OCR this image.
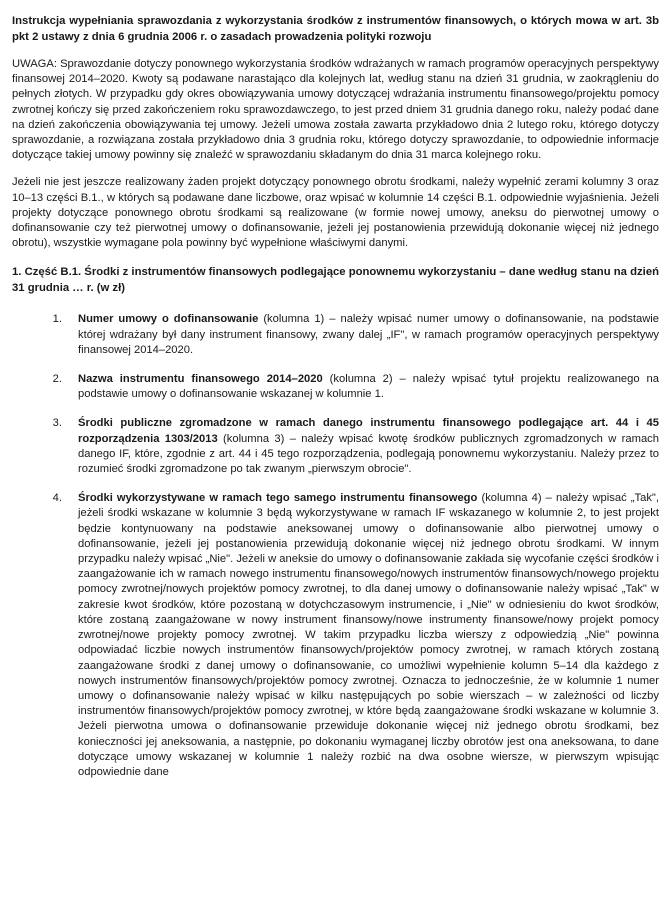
Instrukcja wypełniania sprawozdania z wykorzystania środków z instrumentów finansowych, o których mowa w art. 3b pkt 2 ustawy z dnia 6 grudnia 2006 r. o zasadach prowadzenia polityki rozwoju
UWAGA: Sprawozdanie dotyczy ponownego wykorzystania środków wdrażanych w ramach programów operacyjnych perspektywy finansowej 2014–2020. Kwoty są podawane narastająco dla kolejnych lat, według stanu na dzień 31 grudnia, w zaokrągleniu do pełnych złotych. W przypadku gdy okres obowiązywania umowy dotyczącej wdrażania instrumentu finansowego/projektu pomocy zwrotnej kończy się przed zakończeniem roku sprawozdawczego, to jest przed dniem 31 grudnia danego roku, należy podać dane na dzień zakończenia obowiązywania tej umowy. Jeżeli umowa została zawarta przykładowo dnia 2 lutego roku, którego dotyczy sprawozdanie, a rozwiązana została przykładowo dnia 3 grudnia roku, którego dotyczy sprawozdanie, to odpowiednie informacje dotyczące takiej umowy powinny się znaleźć w sprawozdaniu składanym do dnia 31 marca kolejnego roku.
Jeżeli nie jest jeszcze realizowany żaden projekt dotyczący ponownego obrotu środkami, należy wypełnić zerami kolumny 3 oraz 10–13 części B.1., w których są podawane dane liczbowe, oraz wpisać w kolumnie 14 części B.1. odpowiednie wyjaśnienia. Jeżeli projekty dotyczące ponownego obrotu środkami są realizowane (w formie nowej umowy, aneksu do pierwotnej umowy o dofinansowanie czy też pierwotnej umowy o dofinansowanie, jeżeli jej postanowienia przewidują dokonanie więcej niż jednego obrotu), wszystkie wymagane pola powinny być wypełnione właściwymi danymi.
1. Część B.1. Środki z instrumentów finansowych podlegające ponownemu wykorzystaniu – dane według stanu na dzień 31 grudnia … r. (w zł)
1.	Numer umowy o dofinansowanie (kolumna 1) – należy wpisać numer umowy o dofinansowanie, na podstawie której wdrażany był dany instrument finansowy, zwany dalej „IF", w ramach programów operacyjnych perspektywy finansowej 2014–2020.
2.	Nazwa instrumentu finansowego 2014–2020 (kolumna 2) – należy wpisać tytuł projektu realizowanego na podstawie umowy o dofinansowanie wskazanej w kolumnie 1.
3.	Środki publiczne zgromadzone w ramach danego instrumentu finansowego podlegające art. 44 i 45 rozporządzenia 1303/2013 (kolumna 3) – należy wpisać kwotę środków publicznych zgromadzonych w ramach danego IF, które, zgodnie z art. 44 i 45 tego rozporządzenia, podlegają ponownemu wykorzystaniu. Należy przez to rozumieć środki zgromadzone po tak zwanym „pierwszym obrocie".
4.	Środki wykorzystywane w ramach tego samego instrumentu finansowego (kolumna 4) – należy wpisać „Tak", jeżeli środki wskazane w kolumnie 3 będą wykorzystywane w ramach IF wskazanego w kolumnie 2, to jest projekt będzie kontynuowany na podstawie aneksowanej umowy o dofinansowanie albo pierwotnej umowy o dofinansowanie, jeżeli jej postanowienia przewidują dokonanie więcej niż jednego obrotu środkami. W innym przypadku należy wpisać „Nie". Jeżeli w aneksie do umowy o dofinansowanie zakłada się wycofanie części środków i zaangażowanie ich w ramach nowego instrumentu finansowego/nowych instrumentów finansowych/nowego projektu pomocy zwrotnej/nowych projektów pomocy zwrotnej, to dla danej umowy o dofinansowanie należy wpisać „Tak" w zakresie kwot środków, które pozostaną w dotychczasowym instrumencie, i „Nie" w odniesieniu do kwot środków, które zostaną zaangażowane w nowy instrument finansowy/nowe instrumenty finansowe/nowy projekt pomocy zwrotnej/nowe projekty pomocy zwrotnej. W takim przypadku liczba wierszy z odpowiedzią „Nie" powinna odpowiadać liczbie nowych instrumentów finansowych/projektów pomocy zwrotnej, w ramach których zostaną zaangażowane środki z danej umowy o dofinansowanie, co umożliwi wypełnienie kolumn 5–14 dla każdego z nowych instrumentów finansowych/projektów pomocy zwrotnej. Oznacza to jednocześnie, że w kolumnie 1 numer umowy o dofinansowanie należy wpisać w kilku następujących po sobie wierszach – w zależności od liczby instrumentów finansowych/projektów pomocy zwrotnej, w które będą zaangażowane środki wskazane w kolumnie 3. Jeżeli pierwotna umowa o dofinansowanie przewiduje dokonanie więcej niż jednego obrotu środkami, bez konieczności jej aneksowania, a następnie, po dokonaniu wymaganej liczby obrotów jest ona aneksowana, to dane dotyczące umowy wskazanej w kolumnie 1 należy rozbić na dwa osobne wiersze, w pierwszym wpisując odpowiednie dane
